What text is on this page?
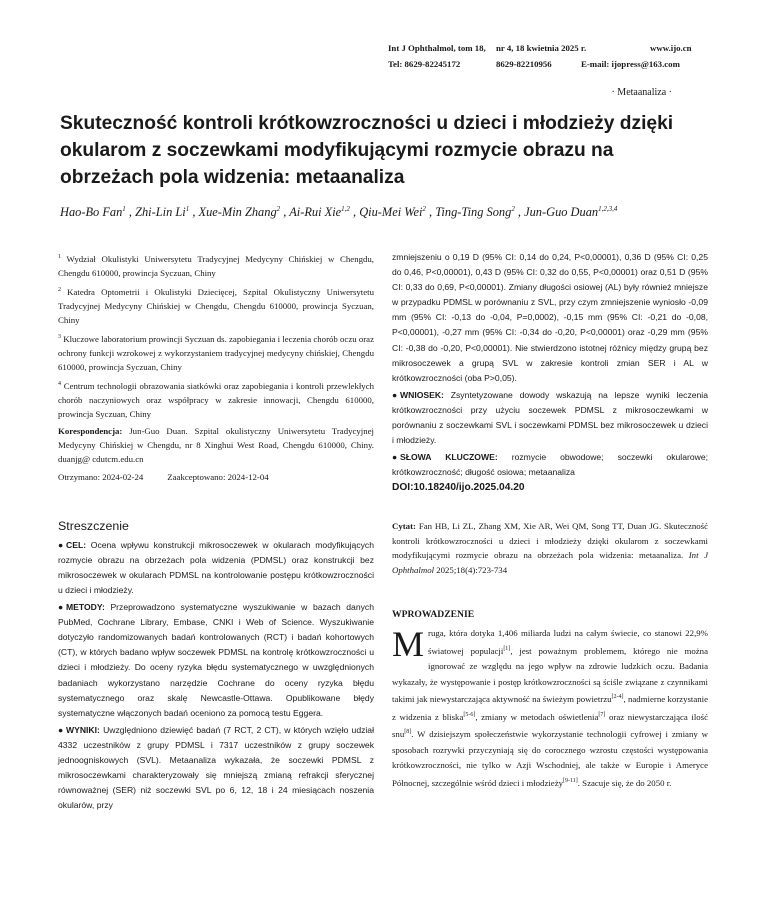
Int J Ophthalmol, tom 18, nr 4, 18 kwietnia 2025 r.	www.ijo.cn
Tel: 8629-82245172	8629-82210956	E-mail: ijopress@163.com
· Metaanaliza ·
Skuteczność kontroli krótkowzroczności u dzieci i młodzieży dzięki okularom z soczewkami modyfikującymi rozmycie obrazu na obrzeżach pola widzenia: metaanaliza
Hao-Bo Fan$^1$ , Zhi-Lin Li$^1$ , Xue-Min Zhang$^2$ , Ai-Rui Xie$^{1,2}$ , Qiu-Mei Wei$^2$ , Ting-Ting Song$^2$ , Jun-Guo Duan$^{1,2,3,4}$

$^1$ Wydział Okulistyki Uniwersytetu Tradycyjnej Medycyny Chińskiej w Chengdu, Chengdu 610000, prowincja Syczuan, Chiny

$^2$ Katedra Optometrii i Okulistyki Dziecięcej, Szpital Okulistyczny Uniwersytetu Tradycyjnej Medycyny Chińskiej w Chengdu, Chengdu 610000, prowincja Syczuan, Chiny

$^3$ Kluczowe laboratorium prowincji Syczuan ds. zapobiegania i leczenia chorób oczu oraz ochrony funkcji wzrokowej z wykorzystaniem tradycyjnej medycyny chińskiej, Chengdu 610000, prowincja Syczuan, Chiny

$^4$ Centrum technologii obrazowania siatkówki oraz zapobiegania i kontroli przewlekłych chorób naczyniowych oraz współpracy w zakresie innowacji, Chengdu 610000, prowincja Syczuan, Chiny

Korespondencja: Jun-Guo Duan. Szpital okulistyczny Uniwersytetu Tradycyjnej Medycyny Chińskiej w Chengdu, nr 8 Xinghui West Road, Chengdu 610000, Chiny. duanjg@ cdutcm.edu.cn

Otrzymano: 2024-02-24	Zaakceptowano: 2024-12-04

Streszczenie

● CEL: Ocena wpływu konstrukcji mikrosoczewek w okularach modyfikujących rozmycie obrazu na obrzeżach pola widzenia (PDMSL) oraz konstrukcji bez mikrosoczewek w okularach PDMSL na kontrolowanie postępu krótkowzroczności u dzieci i młodzieży.

● METODY: Przeprowadzono systematyczne wyszukiwanie w bazach danych PubMed, Cochrane Library, Embase, CNKI i Web of Science. Wyszukiwanie dotyczyło randomizowanych badań kontrolowanych (RCT) i badań kohortowych (CT), w których badano wpływ soczewek PDMSL na kontrolę krótkowzroczności u dzieci i młodzieży. Do oceny ryzyka błędu systematycznego w uwzględnionych badaniach wykorzystano narzędzie Cochrane do oceny ryzyka błędu systematycznego oraz skalę Newcastle-Ottawa. Opublikowane błędy systematyczne włączonych badań oceniono za pomocą testu Eggera.

● WYNIKI: Uwzględniono dziewięć badań (7 RCT, 2 CT), w których wzięło udział 4332 uczestników z grupy PDMSL i 7317 uczestników z grupy soczewek jednoogniskowych (SVL). Metaanaliza wykazała, że soczewki PDMSL z mikrosoczewkami charakteryzowały się mniejszą zmianą refrakcji sferycznej równoważnej (SER) niż soczewki SVL po 6, 12, 18 i 24 miesiącach noszenia okularów, przy

zmniejszeniu o 0,19 D (95% CI: 0,14 do 0,24, P<0,00001), 0,36 D (95% CI: 0,25 do 0,46, P<0,00001), 0,43 D (95% CI: 0,32 do 0,55, P<0,00001) oraz 0,51 D (95% CI: 0,33 do 0,69, P<0,00001). Zmiany długości osiowej (AL) były również mniejsze w przypadku PDMSL w porównaniu z SVL, przy czym zmniejszenie wyniosło -0,09 mm (95% CI: -0,13 do -0,04, P=0,0002), -0,15 mm (95% CI: -0,21 do -0,08, P<0,00001), -0,27 mm (95% CI: -0,34 do -0,20, P<0,00001) oraz -0,29 mm (95% CI: -0,38 do -0,20, P<0,00001). Nie stwierdzono istotnej różnicy między grupą bez mikrosoczewek a grupą SVL w zakresie kontroli zmian SER i AL w krótkowzroczności (oba P>0,05).

● WNIOSEK: Zsyntetyzowane dowody wskazują na lepsze wyniki leczenia krótkowzroczności przy użyciu soczewek PDMSL z mikrosoczewkami w porównaniu z soczewkami SVL i soczewkami PDMSL bez mikrosoczewek u dzieci i młodzieży.

● SŁOWA KLUCZOWE: rozmycie obwodowe; soczewki okularowe; krótkowzroczność; długość osiowa; metaanaliza

DOI:10.18240/ijo.2025.04.20

Cytat: Fan HB, Li ZL, Zhang XM, Xie AR, Wei QM, Song TT, Duan JG. Skuteczność kontroli krótkowzroczności u dzieci i młodzieży dzięki okularom z soczewkami modyfikującymi rozmycie obrazu na obrzeżach pola widzenia: metaanaliza. Int J Ophthalmol 2025;18(4):723-734

WPROWADZENIE

Mruga, która dotyka 1,406 miliarda ludzi na całym świecie, co stanowi 22,9% światowej populacji[1], jest poważnym problemem, którego nie można ignorować ze względu na jego wpływ na zdrowie ludzkich oczu. Badania wykazały, że występowanie i postęp krótkowzroczności są ściśle związane z czynnikami takimi jak niewystarczająca aktywność na świeżym powietrzu[2-4], nadmierne korzystanie z widzenia z bliska[5-6], zmiany w metodach oświetlenia[7] oraz niewystarczająca ilość snu[8]. W dzisiejszym społeczeństwie wykorzystanie technologii cyfrowej i zmiany w sposobach rozrywki przyczyniają się do corocznego wzrostu częstości występowania krótkowzroczności, nie tylko w Azji Wschodniej, ale także w Europie i Ameryce Północnej, szczególnie wśród dzieci i młodzieży[9-11]. Szacuje się, że do 2050 r.
